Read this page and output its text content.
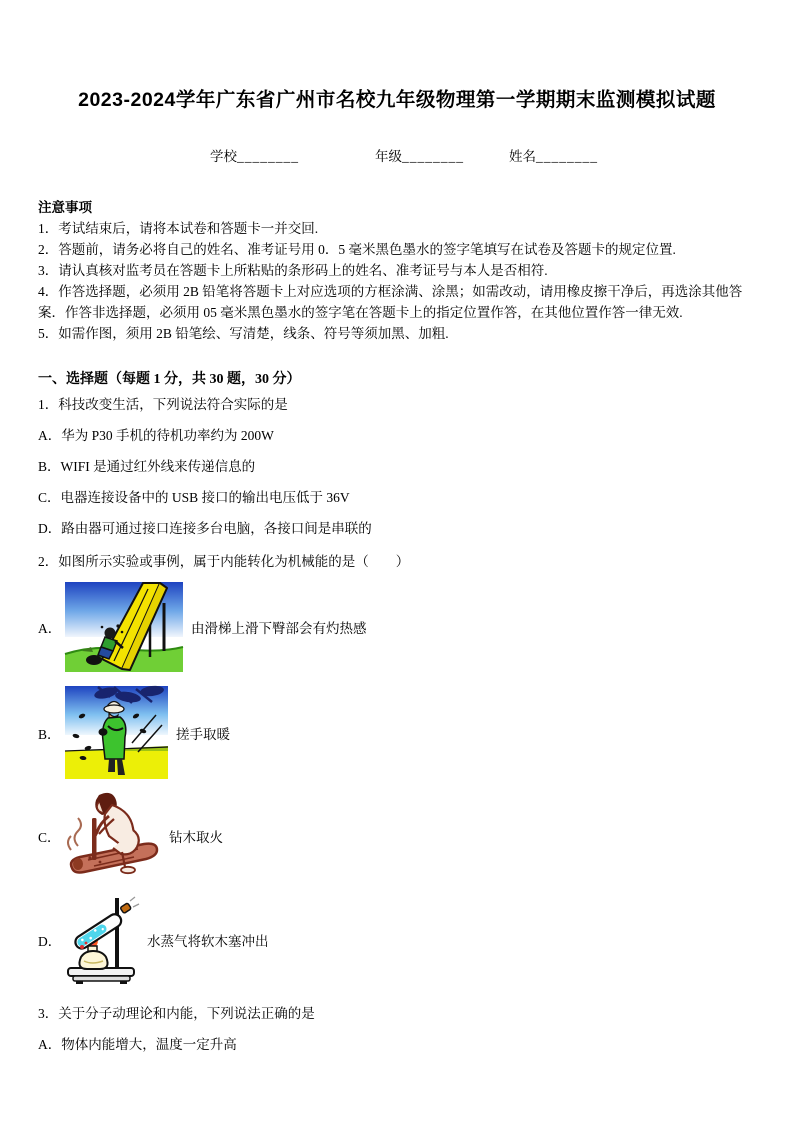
2023-2024学年广东省广州市名校九年级物理第一学期期末监测模拟试题
学校________	年级________	姓名________

注意事项

1．考试结束后，请将本试卷和答题卡一并交回.

2．答题前，请务必将自己的姓名、准考证号用 0．5 毫米黑色墨水的签字笔填写在试卷及答题卡的规定位置.

3．请认真核对监考员在答题卡上所粘贴的条形码上的姓名、准考证号与本人是否相符.

4．作答选择题，必须用 2B 铅笔将答题卡上对应选项的方框涂满、涂黑；如需改动，请用橡皮擦干净后，再选涂其他答案．作答非选择题，必须用 05 毫米黑色墨水的签字笔在答题卡上的指定位置作答，在其他位置作答一律无效.

5．如需作图，须用 2B 铅笔绘、写清楚，线条、符号等须加黑、加粗.

一、选择题（每题 1 分，共 30 题，30 分）

1．科技改变生活，下列说法符合实际的是

A．华为 P30 手机的待机功率约为 200W

B．WIFI 是通过红外线来传递信息的

C．电器连接设备中的 USB 接口的输出电压低于 36V

D．路由器可通过接口连接多台电脑，各接口间是串联的

2．如图所示实验或事例，属于内能转化为机械能的是（　　）

A．	由滑梯上滑下臀部会有灼热感
B．	搓手取暖
C．	钻木取火
D．	水蒸气将软木塞冲出

3．关于分子动理论和内能，下列说法正确的是

A．物体内能增大，温度一定升高
